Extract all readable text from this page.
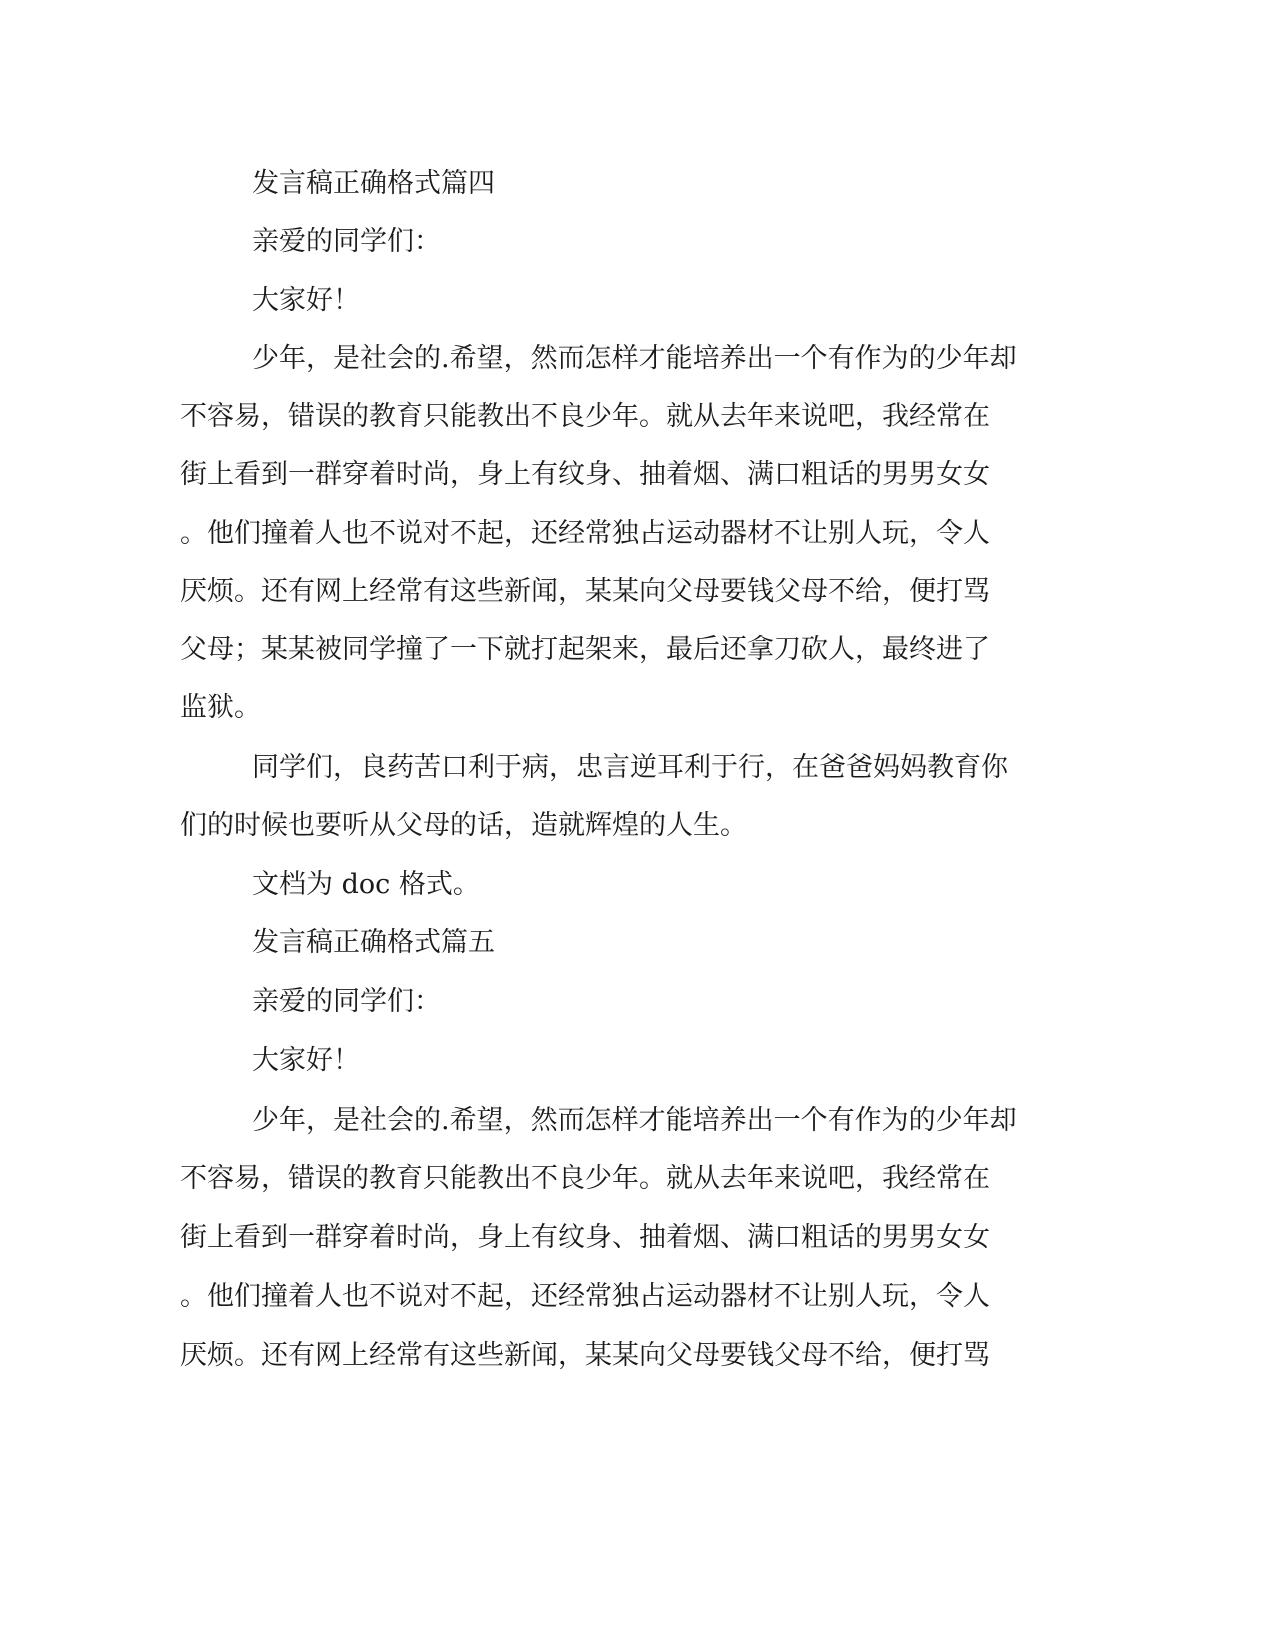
发言稿正确格式篇四
亲爱的同学们：
大家好！
少年，是社会的.希望，然而怎样才能培养出一个有作为的少年却
不容易，错误的教育只能教出不良少年。就从去年来说吧，我经常在
街上看到一群穿着时尚，身上有纹身、抽着烟、满口粗话的男男女女
。他们撞着人也不说对不起，还经常独占运动器材不让别人玩，令人
厌烦。还有网上经常有这些新闻，某某向父母要钱父母不给，便打骂
父母；某某被同学撞了一下就打起架来，最后还拿刀砍人，最终进了
监狱。
同学们，良药苦口利于病，忠言逆耳利于行，在爸爸妈妈教育你
们的时候也要听从父母的话，造就辉煌的人生。
文档为 doc 格式。
发言稿正确格式篇五
亲爱的同学们：
大家好！
少年，是社会的.希望，然而怎样才能培养出一个有作为的少年却
不容易，错误的教育只能教出不良少年。就从去年来说吧，我经常在
街上看到一群穿着时尚，身上有纹身、抽着烟、满口粗话的男男女女
。他们撞着人也不说对不起，还经常独占运动器材不让别人玩，令人
厌烦。还有网上经常有这些新闻，某某向父母要钱父母不给，便打骂
